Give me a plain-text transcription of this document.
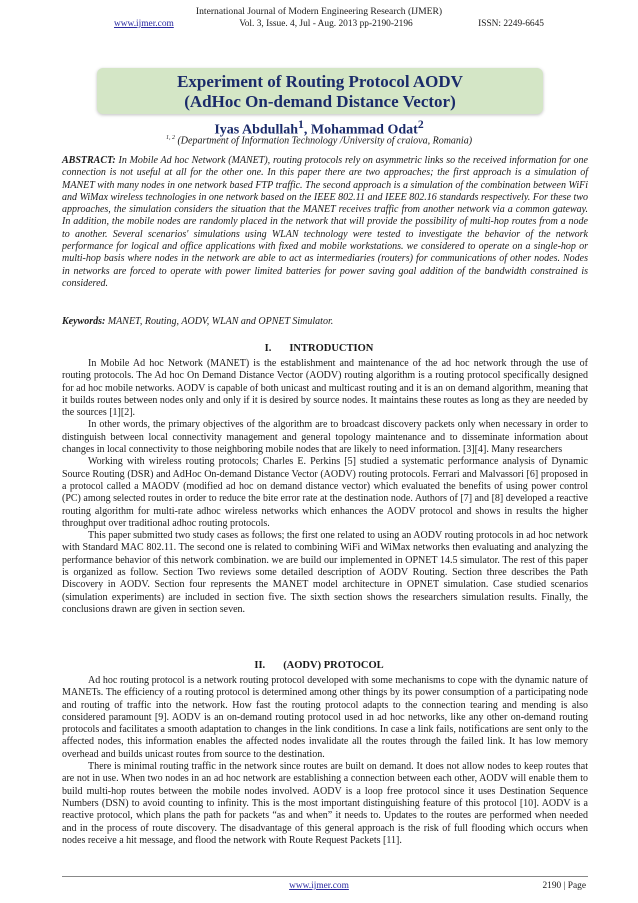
International Journal of Modern Engineering Research (IJMER)
www.ijmer.com	Vol. 3, Issue. 4, Jul - Aug. 2013 pp-2190-2196	ISSN: 2249-6645
Experiment of Routing Protocol AODV
(AdHoc On-demand Distance Vector)
Iyas Abdullah$^1$, Mohammad Odat$^2$
$^{1, 2}$ (Department of Information Technology /University of craiova, Romania)
ABSTRACT: In Mobile Ad hoc Network (MANET), routing protocols rely on asymmetric links so the received information for one connection is not useful at all for the other one. In this paper there are two approaches; the first approach is a simulation of MANET with many nodes in one network based FTP traffic. The second approach is a simulation of the combination between WiFi and WiMax wireless technologies in one network based on the IEEE 802.11 and IEEE 802.16 standards respectively. For these two approaches, the simulation considers the situation that the MANET receives traffic from another network via a common gateway. In addition, the mobile nodes are randomly placed in the network that will provide the possibility of multi-hop routes from a node to another. Several scenarios' simulations using WLAN technology were tested to investigate the behavior of the network performance for logical and office applications with fixed and mobile workstations. we considered to operate on a single-hop or multi-hop basis where nodes in the network are able to act as intermediaries (routers) for communications of other nodes. Nodes in networks are forced to operate with power limited batteries for power saving goal addition of the bandwidth constrained is considered.
Keywords: MANET, Routing, AODV, WLAN and OPNET Simulator.
I. INTRODUCTION

In Mobile Ad hoc Network (MANET) is the establishment and maintenance of the ad hoc network through the use of routing protocols. The Ad hoc On Demand Distance Vector (AODV) routing algorithm is a routing protocol specifically designed for ad hoc mobile networks. AODV is capable of both unicast and multicast routing and it is an on demand algorithm, meaning that it builds routes between nodes only and only if it is desired by source nodes. It maintains these routes as long as they are needed by the sources [1][2].

In other words, the primary objectives of the algorithm are to broadcast discovery packets only when necessary in order to distinguish between local connectivity management and general topology maintenance and to disseminate information about changes in local connectivity to those neighboring mobile nodes that are likely to need information. [3][4]. Many researchers

Working with wireless routing protocols; Charles E. Perkins [5] studied a systematic performance analysis of Dynamic Source Routing (DSR) and AdHoc On-demand Distance Vector (AODV) routing protocols. Ferrari and Malvassori [6] proposed in a protocol called a MAODV (modified ad hoc on demand distance vector) which evaluated the benefits of using power control (PC) among selected routes in order to reduce the bite error rate at the destination node. Authors of [7] and [8] developed a reactive routing algorithm for multi-rate adhoc wireless networks which enhances the AODV protocol and shows in results the higher throughput over traditional adhoc routing protocols.

This paper submitted two study cases as follows; the first one related to using an AODV routing protocols in ad hoc network with Standard MAC 802.11. The second one is related to combining WiFi and WiMax networks then evaluating and analyzing the performance behavior of this network combination. we are build our implemented in OPNET 14.5 simulator. The rest of this paper is organized as follow. Section Two reviews some detailed description of AODV Routing. Section three describes the Path Discovery in AODV. Section four represents the MANET model architecture in OPNET simulation. Case studied scenarios (simulation experiments) are included in section five. The sixth section shows the researchers simulation results. Finally, the conclusions drawn are given in section seven.

II. (AODV) PROTOCOL

Ad hoc routing protocol is a network routing protocol developed with some mechanisms to cope with the dynamic nature of MANETs. The efficiency of a routing protocol is determined among other things by its power consumption of a participating node and routing of traffic into the network. How fast the routing protocol adapts to the connection tearing and mending is also considered paramount [9]. AODV is an on-demand routing protocol used in ad hoc networks, like any other on-demand routing protocols and facilitates a smooth adaptation to changes in the link conditions. In case a link fails, notifications are sent only to the affected nodes, this information enables the affected nodes invalidate all the routes through the failed link. It has low memory overhead and builds unicast routes from source to the destination.

There is minimal routing traffic in the network since routes are built on demand. It does not allow nodes to keep routes that are not in use. When two nodes in an ad hoc network are establishing a connection between each other, AODV will enable them to build multi-hop routes between the mobile nodes involved. AODV is a loop free protocol since it uses Destination Sequence Numbers (DSN) to avoid counting to infinity. This is the most important distinguishing feature of this protocol [10]. AODV is a reactive protocol, which plans the path for packets “as and when” it needs to. Updates to the routes are performed when needed and in the process of route discovery. The disadvantage of this general approach is the risk of full flooding which occurs when nodes receive a hit message, and flood the network with Route Request Packets [11].

www.ijmer.com	2190 | Page
